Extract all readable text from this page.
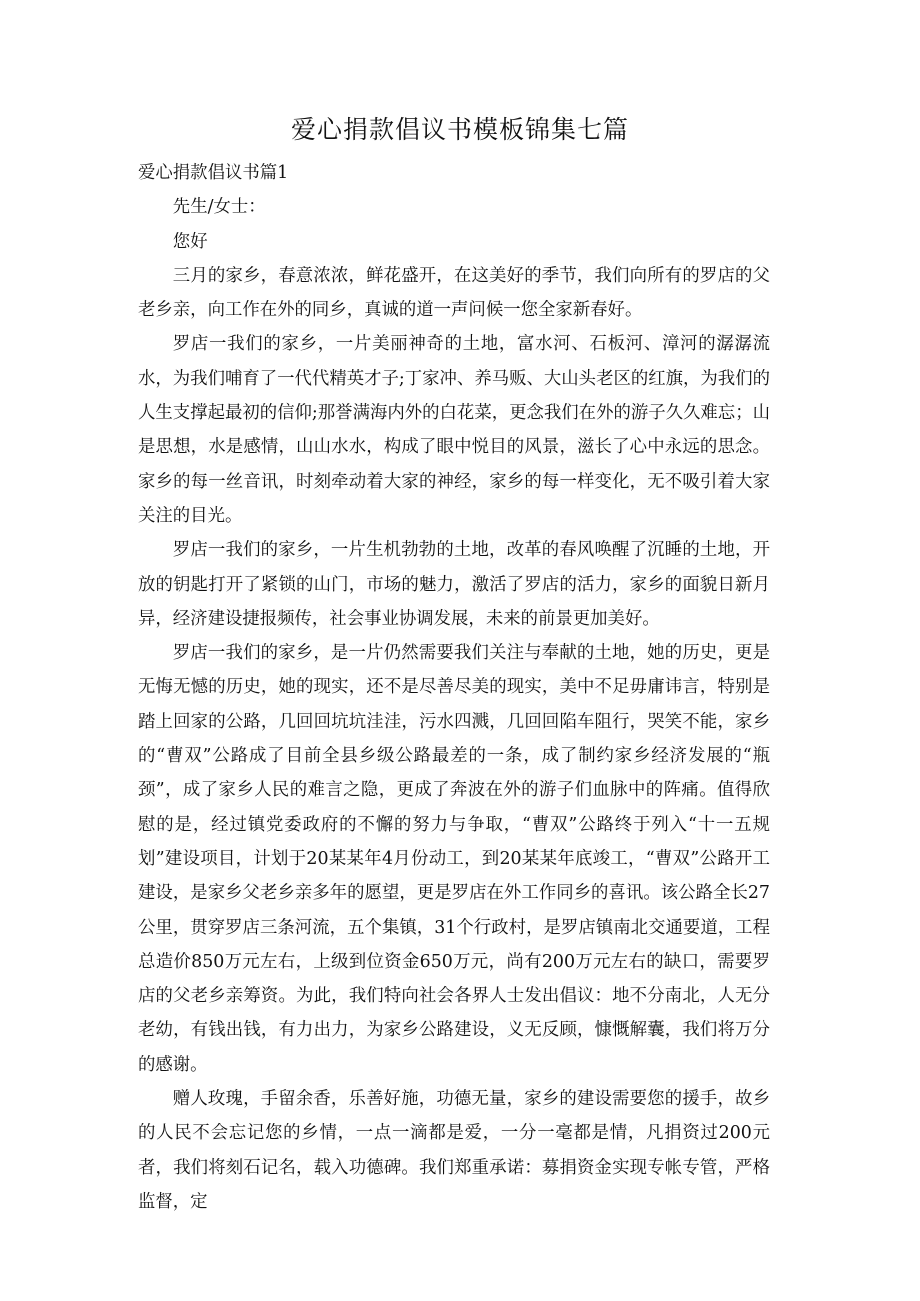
爱心捐款倡议书模板锦集七篇

爱心捐款倡议书篇1

先生/女士：

您好

三月的家乡，春意浓浓，鲜花盛开，在这美好的季节，我们向所有的罗店的父老乡亲，向工作在外的同乡，真诚的道一声问候一您全家新春好。

罗店一我们的家乡，一片美丽神奇的土地，富水河、石板河、漳河的潺潺流水，为我们哺育了一代代精英才子;丁家冲、养马贩、大山头老区的红旗，为我们的人生支撑起最初的信仰;那誉满海内外的白花菜，更念我们在外的游子久久难忘；山是思想，水是感情，山山水水，构成了眼中悦目的风景，滋长了心中永远的思念。家乡的每一丝音讯，时刻牵动着大家的神经，家乡的每一样变化，无不吸引着大家关注的目光。

罗店一我们的家乡，一片生机勃勃的土地，改革的春风唤醒了沉睡的土地，开放的钥匙打开了紧锁的山门，市场的魅力，激活了罗店的活力，家乡的面貌日新月异，经济建设捷报频传，社会事业协调发展，未来的前景更加美好。

罗店一我们的家乡，是一片仍然需要我们关注与奉献的土地，她的历史，更是无悔无憾的历史，她的现实，还不是尽善尽美的现实，美中不足毋庸讳言，特别是踏上回家的公路，几回回坑坑洼洼，污水四溅，几回回陷车阻行，哭笑不能，家乡的“曹双”公路成了目前全县乡级公路最差的一条，成了制约家乡经济发展的“瓶颈”，成了家乡人民的难言之隐，更成了奔波在外的游子们血脉中的阵痛。值得欣慰的是，经过镇党委政府的不懈的努力与争取，“曹双”公路终于列入“十一五规划”建设项目，计划于20某某年4月份动工，到20某某年底竣工，“曹双”公路开工建设，是家乡父老乡亲多年的愿望，更是罗店在外工作同乡的喜讯。该公路全长27公里，贯穿罗店三条河流，五个集镇，31个行政村，是罗店镇南北交通要道，工程总造价850万元左右，上级到位资金650万元，尚有200万元左右的缺口，需要罗店的父老乡亲筹资。为此，我们特向社会各界人士发出倡议：地不分南北，人无分老幼，有钱出钱，有力出力，为家乡公路建设，义无反顾，慷慨解囊，我们将万分的感谢。

赠人玫瑰，手留余香，乐善好施，功德无量，家乡的建设需要您的援手，故乡的人民不会忘记您的乡情，一点一滴都是爱，一分一毫都是情，凡捐资过200元者，我们将刻石记名，载入功德碑。我们郑重承诺：募捐资金实现专帐专管，严格监督，定
